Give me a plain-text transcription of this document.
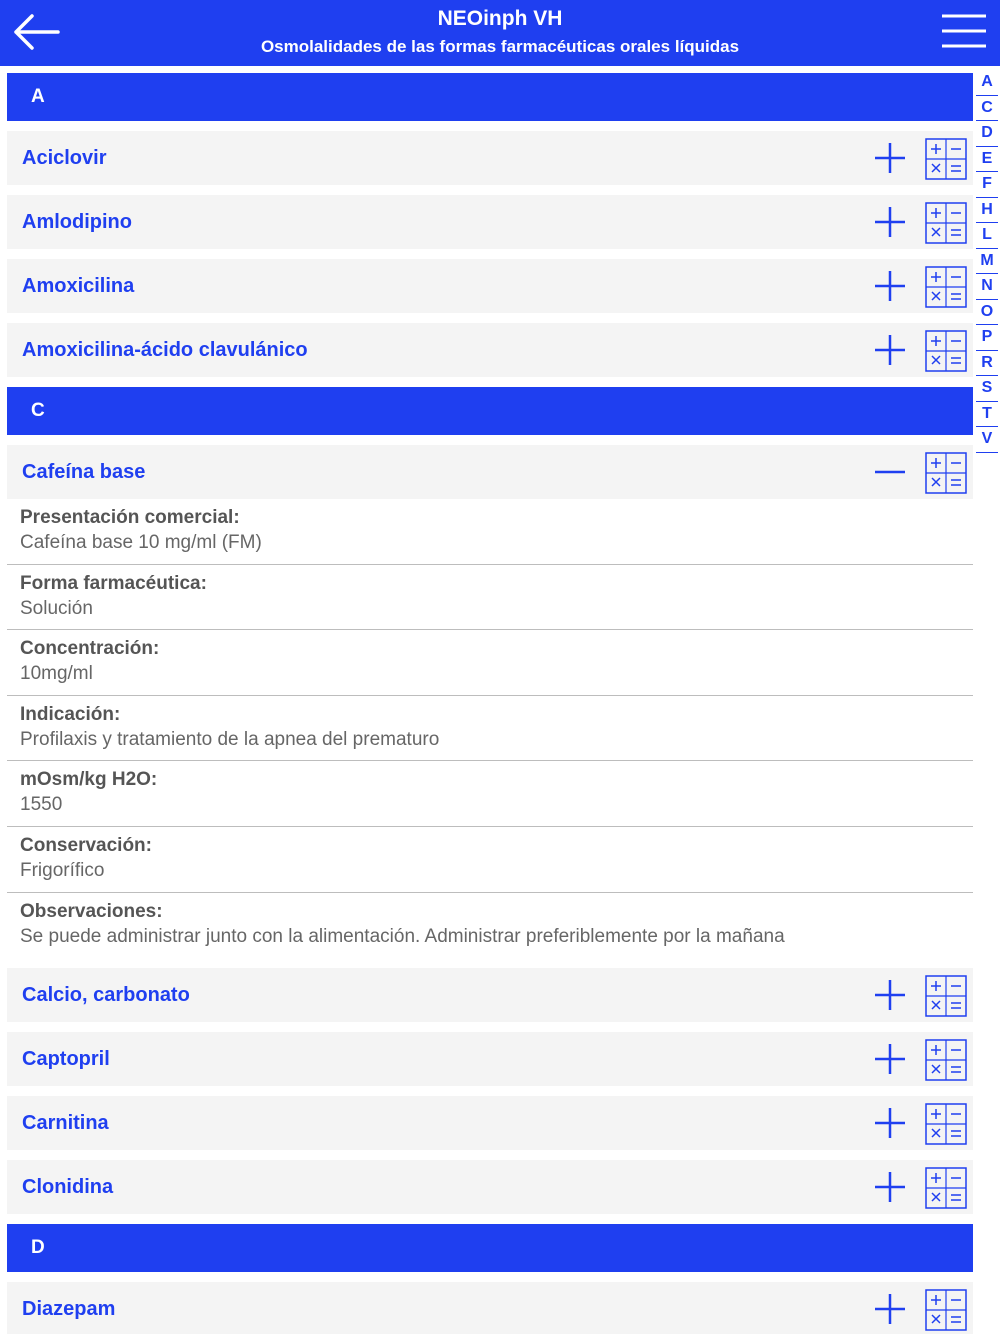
NEOinph VH
Osmolalidades de las formas farmacéuticas orales líquidas
A
Aciclovir
Amlodipino
Amoxicilina
Amoxicilina-ácido clavulánico
C
Cafeína base
Presentación comercial:
Cafeína base 10 mg/ml (FM)
Forma farmacéutica:
Solución
Concentración:
10mg/ml
Indicación:
Profilaxis y tratamiento de la apnea del prematuro
mOsm/kg H2O:
1550
Conservación:
Frigorífico
Observaciones:
Se puede administrar junto con la alimentación. Administrar preferiblemente por la mañana
Calcio, carbonato
Captopril
Carnitina
Clonidina
D
Diazepam
A
C
D
E
F
H
L
M
N
O
P
R
S
T
V
